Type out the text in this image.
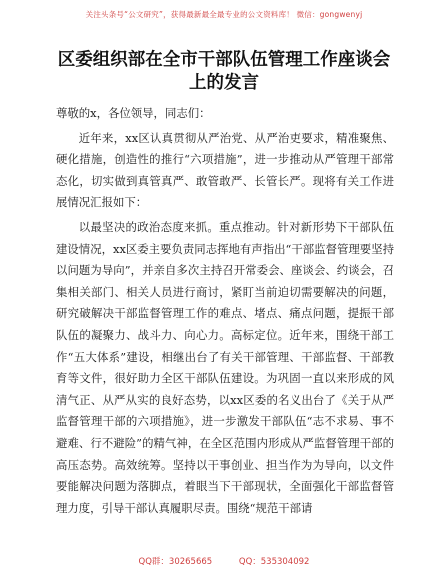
关注头条号“公文研究”，获得最新最全最专业的公文资料库！ 微信：gongwenyj
区委组织部在全市干部队伍管理工作座谈会上的发言

尊敬的x，各位领导，同志们：

近年来，xx区认真贯彻从严治党、从严治吏要求，精准聚焦、硬化措施，创造性的推行“六项措施”，进一步推动从严管理干部常态化，切实做到真管真严、敢管敢严、长管长严。现将有关工作进展情况汇报如下：

以最坚决的政治态度来抓。重点推动。针对新形势下干部队伍建设情况，xx区委主要负责同志挥地有声指出“干部监督管理要坚持以问题为导向”，并亲自多次主持召开常委会、座谈会、约谈会，召集相关部门、相关人员进行商讨，紧盯当前迫切需要解决的问题，研究破解决干部监督管理工作的难点、堵点、痛点问题，提振干部队伍的凝聚力、战斗力、向心力。高标定位。近年来，围绕干部工作“五大体系”建设，相继出台了有关干部管理、干部监督、干部教育等文件，很好助力全区干部队伍建设。为巩固一直以来形成的风清气正、从严从实的良好态势，以xx区委的名义出台了《关于从严监督管理干部的六项措施》，进一步激发干部队伍“志不求易、事不避难、行不避险”的精气神，在全区范围内形成从严监督管理干部的高压态势。高效统筹。坚持以干事创业、担当作为为导向，以文件要能解决问题为落脚点，着眼当下干部现状，全面强化干部监督管理力度，引导干部认真履职尽责。围绕“规范干部请

QQ群：30265665	QQ：535304092
